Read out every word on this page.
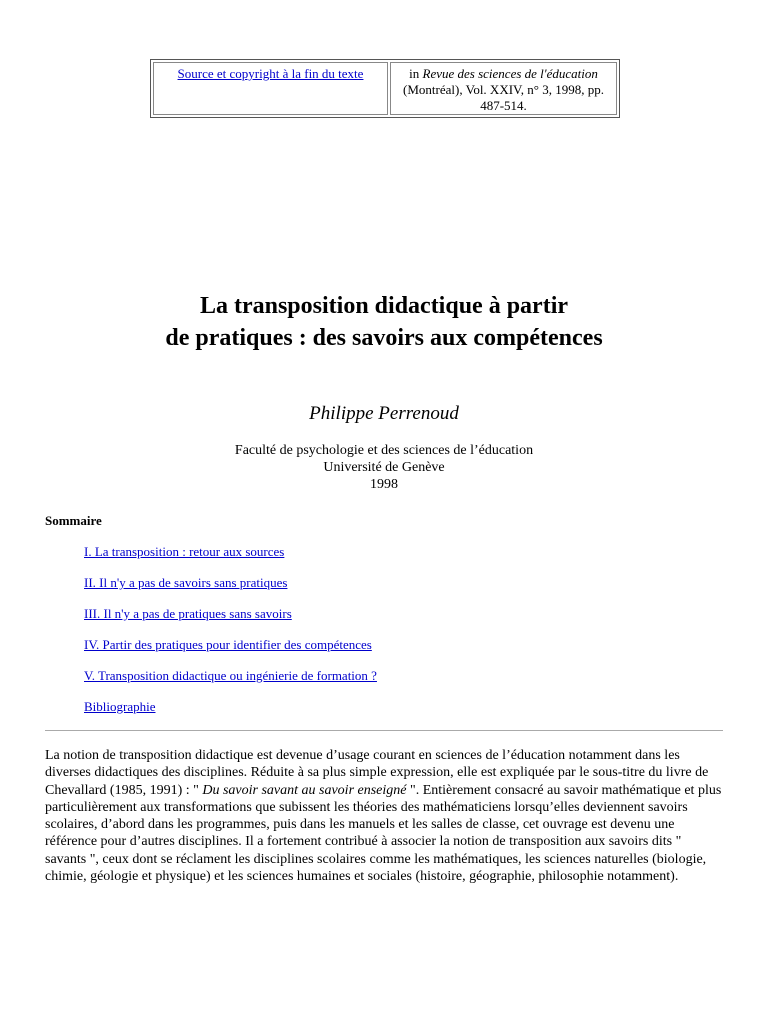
Source et copyright à la fin du texte	in Revue des sciences de l'éducation (Montréal), Vol. XXIV, n° 3, 1998, pp. 487-514.
La transposition didactique à partir
de pratiques : des savoirs aux compétences
Philippe Perrenoud
Faculté de psychologie et des sciences de l’éducation
Université de Genève
1998
Sommaire
I. La transposition : retour aux sources
II. Il n'y a pas de savoirs sans pratiques
III. Il n'y a pas de pratiques sans savoirs
IV. Partir des pratiques pour identifier des compétences
V. Transposition didactique ou ingénierie de formation ?
Bibliographie

La notion de transposition didactique est devenue d’usage courant en sciences de l’éducation notamment dans les diverses didactiques des disciplines. Réduite à sa plus simple expression, elle est expliquée par le sous-titre du livre de Chevallard (1985, 1991) : " Du savoir savant au savoir enseigné ". Entièrement consacré au savoir mathématique et plus particulièrement aux transformations que subissent les théories des mathématiciens lorsqu’elles deviennent savoirs scolaires, d’abord dans les programmes, puis dans les manuels et les salles de classe, cet ouvrage est devenu une référence pour d’autres disciplines. Il a fortement contribué à associer la notion de transposition aux savoirs dits " savants ", ceux dont se réclament les disciplines scolaires comme les mathématiques, les sciences naturelles (biologie, chimie, géologie et physique) et les sciences humaines et sociales (histoire, géographie, philosophie notamment).
